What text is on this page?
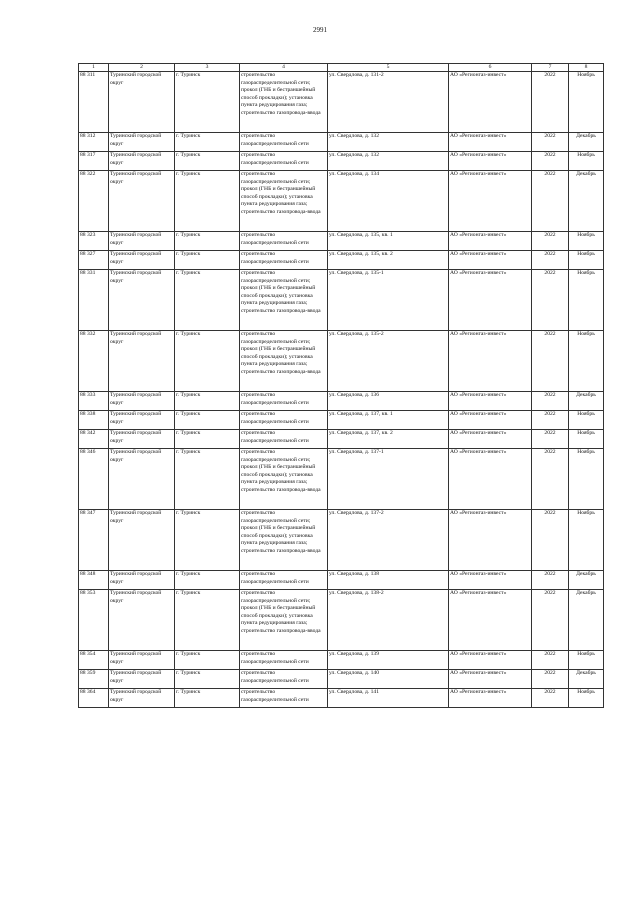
2991
1	2	3	4	5	6	7	8
88 311	Туринский городской округ	г. Туринск	строительство газораспределительной сети; прокол (ГНБ и бестраншейный способ прокладки); установка пункта редуцирования газа; строительство газопровода-ввода	ул. Свердлова, д. 131-2	АО «Регионгаз-инвест»	2022	Ноябрь
88 312	Туринский городской округ	г. Туринск	строительство газораспределительной сети	ул. Свердлова, д. 132	АО «Регионгаз-инвест»	2022	Декабрь
88 317	Туринский городской округ	г. Туринск	строительство газораспределительной сети	ул. Свердлова, д. 132	АО «Регионгаз-инвест»	2022	Ноябрь
88 322	Туринский городской округ	г. Туринск	строительство газораспределительной сети; прокол (ГНБ и бестраншейный способ прокладки); установка пункта редуцирования газа; строительство газопровода-ввода	ул. Свердлова, д. 134	АО «Регионгаз-инвест»	2022	Декабрь
88 323	Туринский городской округ	г. Туринск	строительство газораспределительной сети	ул. Свердлова, д. 135, кв. 1	АО «Регионгаз-инвест»	2022	Ноябрь
88 327	Туринский городской округ	г. Туринск	строительство газораспределительной сети	ул. Свердлова, д. 135, кв. 2	АО «Регионгаз-инвест»	2022	Ноябрь
88 331	Туринский городской округ	г. Туринск	строительство газораспределительной сети; прокол (ГНБ и бестраншейный способ прокладки); установка пункта редуцирования газа; строительство газопровода-ввода	ул. Свердлова, д. 135-1	АО «Регионгаз-инвест»	2022	Ноябрь
88 332	Туринский городской округ	г. Туринск	строительство газораспределительной сети; прокол (ГНБ и бестраншейный способ прокладки); установка пункта редуцирования газа; строительство газопровода-ввода	ул. Свердлова, д. 135-2	АО «Регионгаз-инвест»	2022	Ноябрь
88 333	Туринский городской округ	г. Туринск	строительство газораспределительной сети	ул. Свердлова, д. 136	АО «Регионгаз-инвест»	2022	Декабрь
88 338	Туринский городской округ	г. Туринск	строительство газораспределительной сети	ул. Свердлова, д. 137, кв. 1	АО «Регионгаз-инвест»	2022	Ноябрь
88 342	Туринский городской округ	г. Туринск	строительство газораспределительной сети	ул. Свердлова, д. 137, кв. 2	АО «Регионгаз-инвест»	2022	Ноябрь
88 346	Туринский городской округ	г. Туринск	строительство газораспределительной сети; прокол (ГНБ и бестраншейный способ прокладки); установка пункта редуцирования газа; строительство газопровода-ввода	ул. Свердлова, д. 137-1	АО «Регионгаз-инвест»	2022	Ноябрь
88 347	Туринский городской округ	г. Туринск	строительство газораспределительной сети; прокол (ГНБ и бестраншейный способ прокладки); установка пункта редуцирования газа; строительство газопровода-ввода	ул. Свердлова, д. 137-2	АО «Регионгаз-инвест»	2022	Ноябрь
88 348	Туринский городской округ	г. Туринск	строительство газораспределительной сети	ул. Свердлова, д. 138	АО «Регионгаз-инвест»	2022	Декабрь
88 353	Туринский городской округ	г. Туринск	строительство газораспределительной сети; прокол (ГНБ и бестраншейный способ прокладки); установка пункта редуцирования газа; строительство газопровода-ввода	ул. Свердлова, д. 138-2	АО «Регионгаз-инвест»	2022	Декабрь
88 354	Туринский городской округ	г. Туринск	строительство газораспределительной сети	ул. Свердлова, д. 139	АО «Регионгаз-инвест»	2022	Ноябрь
88 359	Туринский городской округ	г. Туринск	строительство газораспределительной сети	ул. Свердлова, д. 140	АО «Регионгаз-инвест»	2022	Декабрь
88 364	Туринский городской округ	г. Туринск	строительство газораспределительной сети	ул. Свердлова, д. 141	АО «Регионгаз-инвест»	2022	Ноябрь
